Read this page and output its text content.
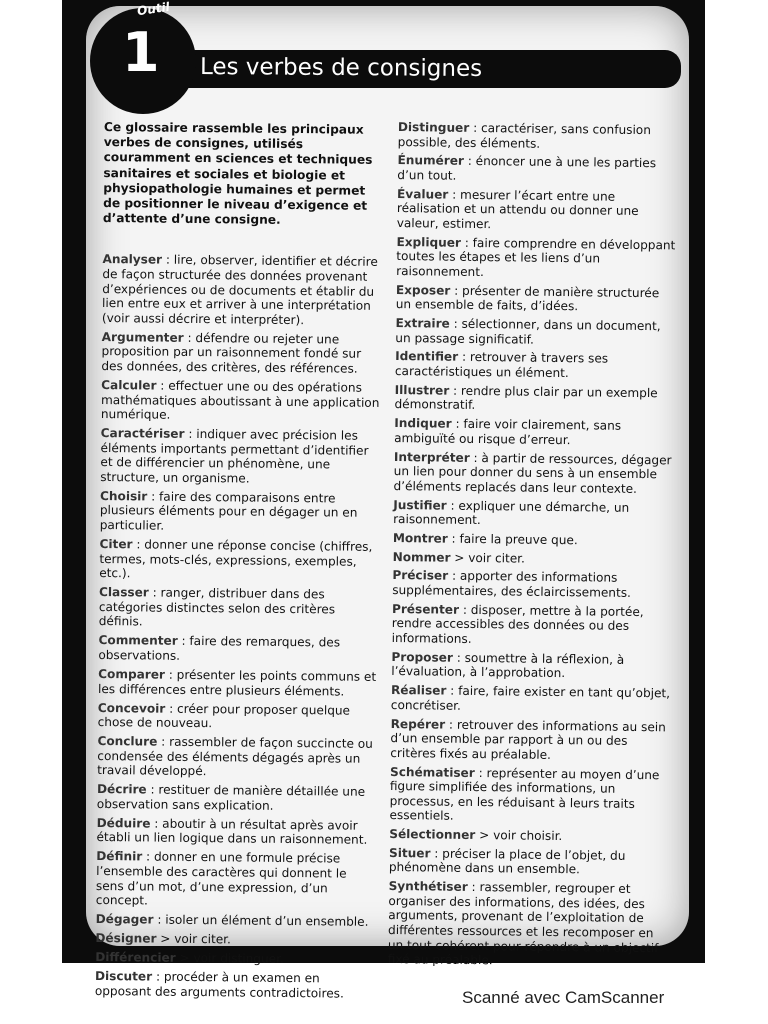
Outil
1 Les verbes de consignes

Ce glossaire rassemble les principaux verbes de consignes, utilisés couramment en sciences et techniques sanitaires et sociales et biologie et physiopathologie humaines et permet de positionner le niveau d’exigence et d’attente d’une consigne.

Analyser : lire, observer, identifier et décrire de façon structurée des données provenant d’expériences ou de documents et établir du lien entre eux et arriver à une interprétation (voir aussi décrire et interpréter).
Argumenter : défendre ou rejeter une proposition par un raisonnement fondé sur des données, des critères, des références.
Calculer : effectuer une ou des opérations mathématiques aboutissant à une application numérique.
Caractériser : indiquer avec précision les éléments importants permettant d’identifier et de différencier un phénomène, une structure, un organisme.
Choisir : faire des comparaisons entre plusieurs éléments pour en dégager un en particulier.
Citer : donner une réponse concise (chiffres, termes, mots-clés, expressions, exemples, etc.).
Classer : ranger, distribuer dans des catégories distinctes selon des critères définis.
Commenter : faire des remarques, des observations.
Comparer : présenter les points communs et les différences entre plusieurs éléments.
Concevoir : créer pour proposer quelque chose de nouveau.
Conclure : rassembler de façon succincte ou condensée des éléments dégagés après un travail développé.
Décrire : restituer de manière détaillée une observation sans explication.
Déduire : aboutir à un résultat après avoir établi un lien logique dans un raisonnement.
Définir : donner en une formule précise l’ensemble des caractères qui donnent le sens d’un mot, d’une expression, d’un concept.
Dégager : isoler un élément d’un ensemble.
Désigner > voir citer.
Différencier > voir distinguer.
Discuter : procéder à un examen en opposant des arguments contradictoires.
Distinguer : caractériser, sans confusion possible, des éléments.
Énumérer : énoncer une à une les parties d’un tout.
Évaluer : mesurer l’écart entre une réalisation et un attendu ou donner une valeur, estimer.
Expliquer : faire comprendre en développant toutes les étapes et les liens d’un raisonnement.
Exposer : présenter de manière structurée un ensemble de faits, d’idées.
Extraire : sélectionner, dans un document, un passage significatif.
Identifier : retrouver à travers ses caractéristiques un élément.
Illustrer : rendre plus clair par un exemple démonstratif.
Indiquer : faire voir clairement, sans ambiguïté ou risque d’erreur.
Interpréter : à partir de ressources, dégager un lien pour donner du sens à un ensemble d’éléments replacés dans leur contexte.
Justifier : expliquer une démarche, un raisonnement.
Montrer : faire la preuve que.
Nommer > voir citer.
Préciser : apporter des informations supplémentaires, des éclaircissements.
Présenter : disposer, mettre à la portée, rendre accessibles des données ou des informations.
Proposer : soumettre à la réflexion, à l’évaluation, à l’approbation.
Réaliser : faire, faire exister en tant qu’objet, concrétiser.
Repérer : retrouver des informations au sein d’un ensemble par rapport à un ou des critères fixés au préalable.
Schématiser : représenter au moyen d’une figure simplifiée des informations, un processus, en les réduisant à leurs traits essentiels.
Sélectionner > voir choisir.
Situer : préciser la place de l’objet, du phénomène dans un ensemble.
Synthétiser : rassembler, regrouper et organiser des informations, des idées, des arguments, provenant de l’exploitation de différentes ressources et les recomposer en un tout cohérent pour répondre à un objectif fixé au préalable.
Scanné avec CamScanner
